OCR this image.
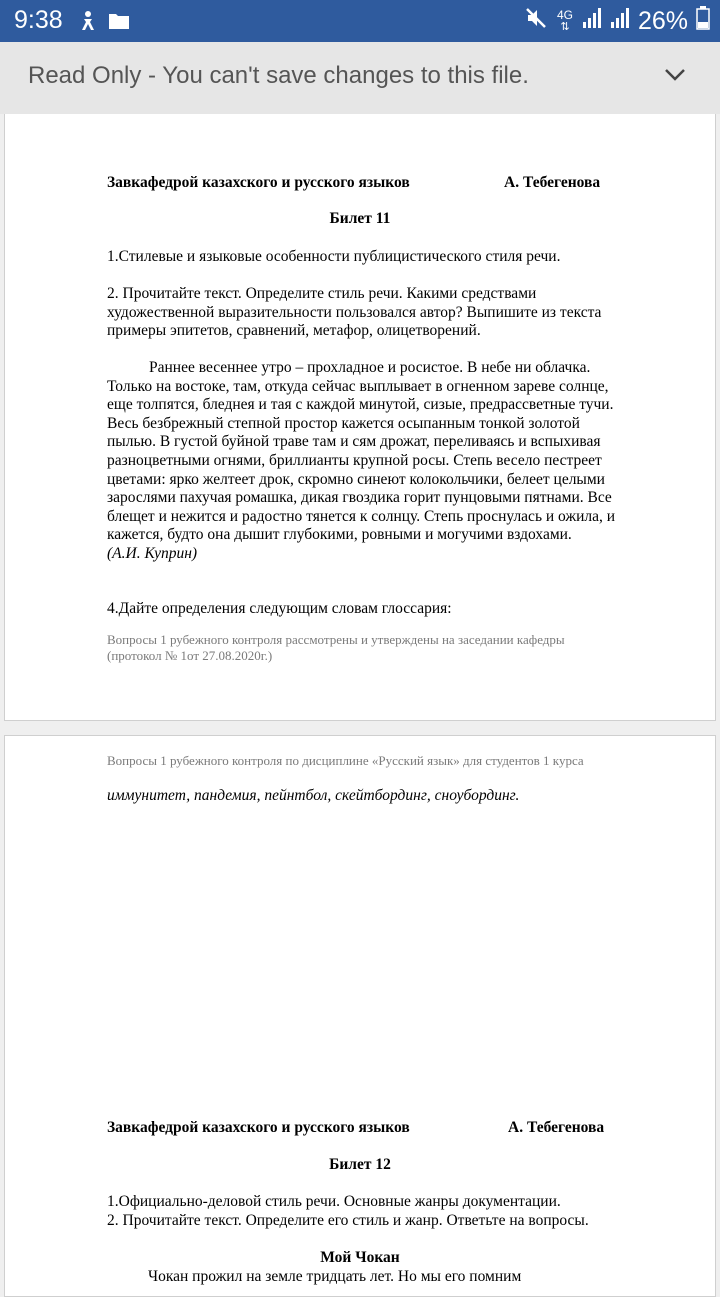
9:38	4G
⇅	26%
Read Only - You can't save changes to this file.
Завкафедрой казахского и русского языков	А. Тебегенова
Билет 11
1.Стилевые и языковые особенности публицистического стиля речи.
2. Прочитайте текст. Определите стиль речи. Какими средствами
художественной выразительности пользовался автор? Выпишите из текста
примеры эпитетов, сравнений, метафор, олицетворений.
Раннее весеннее утро – прохладное и росистое. В небе ни облачка.
Только на востоке, там, откуда сейчас выплывает в огненном зареве солнце,
еще толпятся, бледнея и тая с каждой минутой, сизые, предрассветные тучи.
Весь безбрежный степной простор кажется осыпанным тонкой золотой
пылью. В густой буйной траве там и сям дрожат, переливаясь и вспыхивая
разноцветными огнями, бриллианты крупной росы. Степь весело пестреет
цветами: ярко желтеет дрок, скромно синеют колокольчики, белеет целыми
зарослями пахучая ромашка, дикая гвоздика горит пунцовыми пятнами. Все
блещет и нежится и радостно тянется к солнцу. Степь проснулась и ожила, и
кажется, будто она дышит глубокими, ровными и могучими вздохами.
(А.И. Куприн)
4.Дайте определения следующим словам глоссария:
Вопросы 1 рубежного контроля рассмотрены и утверждены на заседании кафедры
(протокол № 1от 27.08.2020г.)
Вопросы 1 рубежного контроля по дисциплине «Русский язык» для студентов 1 курса
иммунитет, пандемия, пейнтбол, скейтбординг, сноубординг.
Завкафедрой казахского и русского языков	А. Тебегенова
Билет 12
1.Официально-деловой стиль речи. Основные жанры документации.
2. Прочитайте текст. Определите его стиль и жанр. Ответьте на вопросы.
Мой Чокан
Чокан прожил на земле тридцать лет. Но мы его помним
